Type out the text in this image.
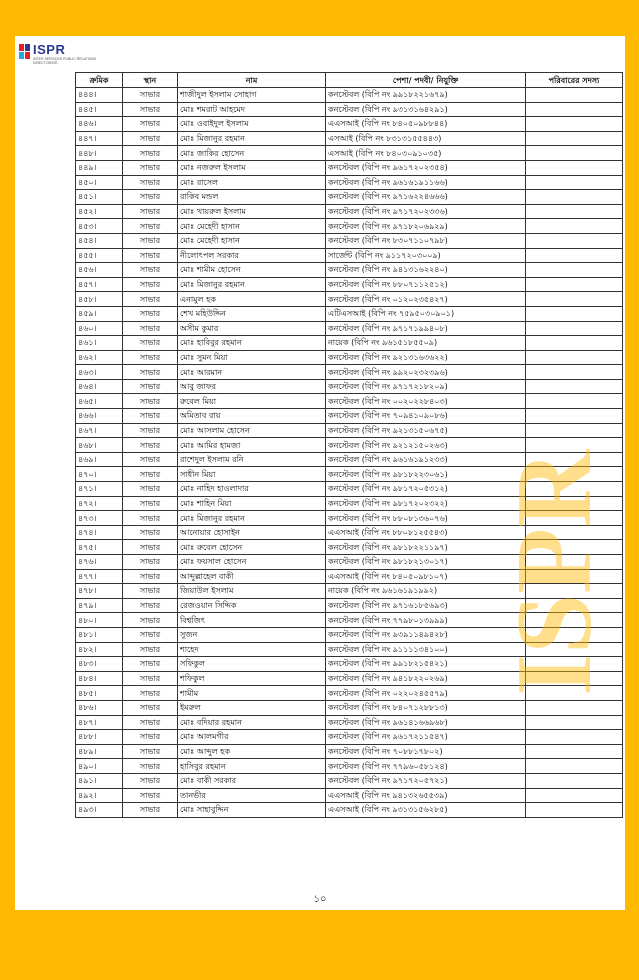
ISPR
INTER SERVICES PUBLIC RELATIONS DIRECTORATE
ক্রমিক	স্থান	নাম	পেশা/ পদবী/ নিযুক্তি	পরিবারের সদস্য
৪৪৪।	সাভার	শাজীদুল ইসলাম সোহাগ	কনস্টেবল (বিপি নং ৯৯১৮২২১৬৭৯)	
৪৪৫।	সাভার	মোঃ শমরাট আহমেদ	কনস্টেবল (বিপি নং ৯৩১৩১৬৪২৯১)	
৪৪৬।	সাভার	মোঃ ওবাইদুল ইসলাম	এএসআই (বিপি নং ৮৪০৫০৯৮৮৪৪)	
৪৪৭।	সাভার	মোঃ মিজানুর রহমান	এসআই (বিপি নং ৮৩১৩১৫৫৪৪৩)	
৪৪৮।	সাভার	মোঃ জাকির হোসেন	এসআই (বিপি নং ৮৪০৩০৯১০৩৫)	
৪৪৯।	সাভার	মোঃ নজরুল ইসলাম	কনস্টেবল (বিপি নং ৯৬১৭২০২৩৫৪)	
৪৫০।	সাভার	মোঃ রাসেল	কনস্টেবল (বিপি নং ৯৬১৬১৯১১৬৬)	
৪৫১।	সাভার	রাকিব মন্ডল	কনস্টেবল (বিপি নং ৯৭১৬২২৪৬৬৬)	
৪৫২।	সাভার	মোঃ খায়রুল ইসলাম	কনস্টেবল (বিপি নং ৯৭১৭২০২৩৩৬)	
৪৫৩।	সাভার	মোঃ মেহেদী হাসান	কনস্টেবল (বিপি নং ৯৭১৮২০৬৯২৯)	
৪৫৪।	সাভার	মোঃ মেহেদী হাসান	কনস্টেবল (বিপি নং ৮৩০৭১১০৭৯৮)	
৪৫৫।	সাভার	নীলোৎপল সরকার	সার্জেন্ট (বিপি নং ৯১১৭২০৩০০৯)	
৪৫৬।	সাভার	মোঃ শামীম হোসেন	কনস্টেবল (বিপি নং ৯৪১৩১৬২২৪০)	
৪৫৭।	সাভার	মোঃ মিজানুর রহমান	কনস্টেবল (বিপি নং ৮৮০৭১১২৫১২)	
৪৫৮।	সাভার	এনামুল হক	কনস্টেবল (বিপি নং ০১২০২৩৫৪২৭)	
৪৫৯।	সাভার	শেখ মহিউদ্দিন	এটিএসআই (বিপি নং ৭৫৯৫০৩০৯০১)	
৪৬০।	সাভার	অসীম কুমার	কনস্টেবল (বিপি নং ৯৭১৭১৯৯৪০৮)	
৪৬১।	সাভার	মোঃ হাবিবুর রহমান	নায়েক (বিপি নং ৯৬১৫১৮৫৫০৯)	
৪৬২।	সাভার	মোঃ সুমন মিয়া	কনস্টেবল (বিপি নং ৯২১৩১৬৩৬২২)	
৪৬৩।	সাভার	মোঃ আরমান	কনস্টেবল (বিপি নং ৯৯২০২৩২৩৯৬)	
৪৬৪।	সাভার	আবু জাফর	কনস্টেবল (বিপি নং ৯৭১৭২১৮২০৯)	
৪৬৫।	সাভার	রুবেল মিয়া	কনস্টেবল (বিপি নং ০০২০২২৮৪০৩)	
৪৬৬।	সাভার	অমিতাব রায়	কনস্টেবল (বিপি নং ৭০৯৪১০৯০৮৬)	
৪৬৭।	সাভার	মোঃ আসলাম হোসেন	কনস্টেবল (বিপি নং ৯২১৩১৫০৬৭৫)	
৪৬৮।	সাভার	মোঃ আমির হামজা	কনস্টেবল (বিপি নং ৯২১২১৫০২৬৩)	
৪৬৯।	সাভার	রাশেদুল ইসলাম রনি	কনস্টেবল (বিপি নং ৯৬১৬১৯১২৩৩)	
৪৭০।	সাভার	সাধীন মিয়া	কনস্টেবল (বিপি নং ৯৮১৮২২৩০৬১)	
৪৭১।	সাভার	মোঃ নাহিদ হাওলাদার	কনস্টেবল (বিপি নং ৯৮১৭২০৫৩১২)	
৪৭২।	সাভার	মোঃ শাহিন মিয়া	কনস্টেবল (বিপি নং ৯৮১৭২০২৩২২)	
৪৭৩।	সাভার	মোঃ মিজানুর রহমান	কনস্টেবল (বিপি নং ৮৮০৮১৩৬০৭৬)	
৪৭৪।	সাভার	আনোয়ার হোসাইন	এএসআই (বিপি নং ৮৮০৮১২৫৫৪৩)	
৪৭৫।	সাভার	মোঃ রুবেল হোসেন	কনস্টেবল (বিপি নং ৯৮১৮২২১১৯৭)	
৪৭৬।	সাভার	মোঃ ফয়সাল হোসেন	কনস্টেবল (বিপি নং ৯৮১৮২১৩০১৭)	
৪৭৭।	সাভার	আব্দুল্লাহেল বাকী	এএসআই (বিপি নং ৮৪০৫০৯৮১০৭)	
৪৭৮।	সাভার	জিয়াউল ইসলাম	নায়েক (বিপি নং ৯৬১৬১৯১৯৯২)	
৪৭৯।	সাভার	রেজওয়ান সিদ্দিক	কনস্টেবল (বিপি নং ৯৭১৬১৮৫৬৯৩)	
৪৮০।	সাভার	বিশ্বজিৎ	কনস্টেবল (বিপি নং ৭৭৯৮০১৩৯৯৯)	
৪৮১।	সাভার	সুজন	কনস্টেবল (বিপি নং ৯৩৯১১৪৯৪২৮)	
৪৮২।	সাভার	শাহেদ	কনস্টেবল (বিপি নং ৯১১১১৩৪১০০)	
৪৮৩।	সাভার	সফিকুল	কনস্টেবল (বিপি নং ৯৯১৮২১৫৪২১)	
৪৮৪।	সাভার	শফিকুল	কনস্টেবল (বিপি নং ৯৪১৮২২০২৬৯)	
৪৮৫।	সাভার	শামীম	কনস্টেবল (বিপি নং ০২২০২৪৫৫৭৯)	
৪৮৬।	সাভার	ইমরুল	কনস্টেবল (বিপি নং ৮৪০৭১২৮৮১৩)	
৪৮৭।	সাভার	মোঃ বদিয়ার রহমান	কনস্টেবল (বিপি নং ৯৬১৪১৬৬৯৬৮)	
৪৮৮।	সাভার	মোঃ আলমগীর	কনস্টেবল (বিপি নং ৯৬১৭২১১৫৪৭)	
৪৮৯।	সাভার	মোঃ আব্দুল হক	কনস্টেবল (বিপি নং ৭০৮৮১৭৮০২)	
৪৯০।	সাভার	হাসিবুর রহমান	কনস্টেবল (বিপি নং ৭৭৯৬০৫৮১২৪)	
৪৯১।	সাভার	মোঃ বাকী সরকার	কনস্টেবল (বিপি নং ৯৭১৭২০৫৭২১)	
৪৯২।	সাভার	তানভীর	এএসআই (বিপি নং ৯৪১৩২৬৫৫৩৯)	
৪৯৩।	সাভার	মোঃ সাহাবুদ্দিন	এএসআই (বিপি নং ৯৩১৩১৫৬২৮৫)	
ISPR
১০
